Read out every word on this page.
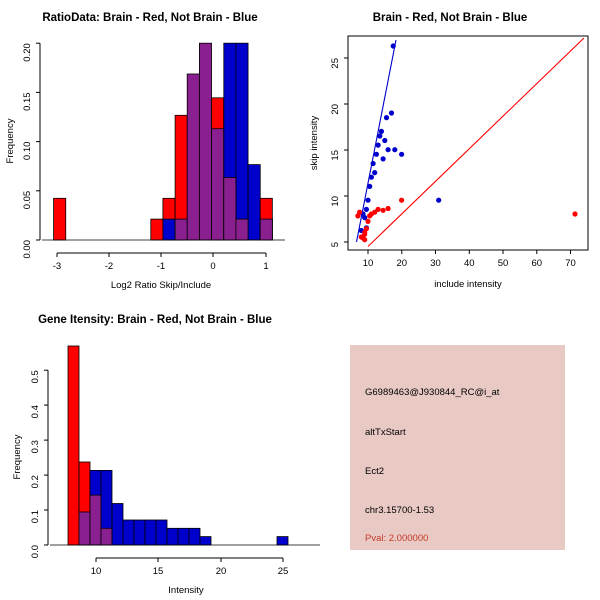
RatioData: Brain - Red, Not Brain - Blue
0.00
0.05
0.10
0.15
0.20
Frequency
-3	-2	-1	0	1
Log2 Ratio Skip/Include
Brain - Red, Not Brain - Blue
5
10
15
20
25
skip intensity
10 20 30 40 50 60 70
include intensity
Gene Itensity: Brain - Red, Not Brain - Blue
0.0
0.1
0.2
0.3
0.4
0.5
Frequency
10	15	20	25
Intensity
G6989463@J930844_RC@i_at
altTxStart
Ect2
chr3.15700-1.53
Pval: 2.000000
